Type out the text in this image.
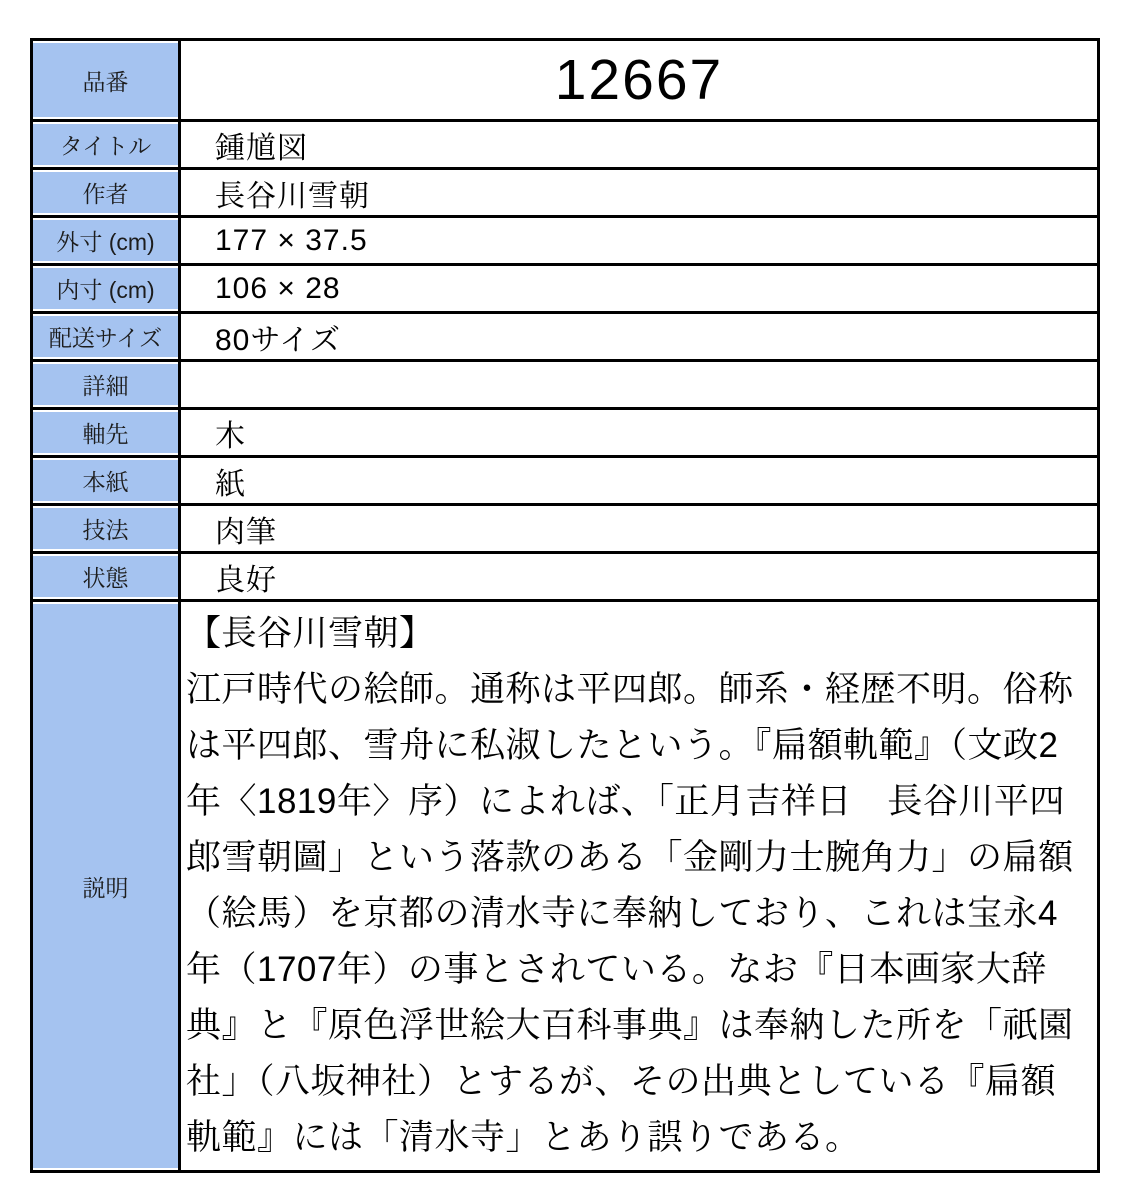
品番	12667
タイトル	鍾馗図
作者	長谷川雪朝
外寸 (cm)	177 × 37.5
内寸 (cm)	106 × 28
配送サイズ	80サイズ
詳細	
軸先	木
本紙	紙
技法	肉筆
状態	良好
説明	【長谷川雪朝】
江戸時代の絵師。通称は平四郎。師系・経歴不明。俗称は平四郎、雪舟に私淑したという。『扁額軌範』（文政2年〈1819年〉序）によれば、「正月吉祥日　長谷川平四郎雪朝圖」という落款のある「金剛力士腕角力」の扁額（絵馬）を京都の清水寺に奉納しており、これは宝永4年（1707年）の事とされている。なお『日本画家大辞典』と『原色浮世絵大百科事典』は奉納した所を「祇園社」（八坂神社）とするが、その出典としている『扁額軌範』には「清水寺」とあり誤りである。
